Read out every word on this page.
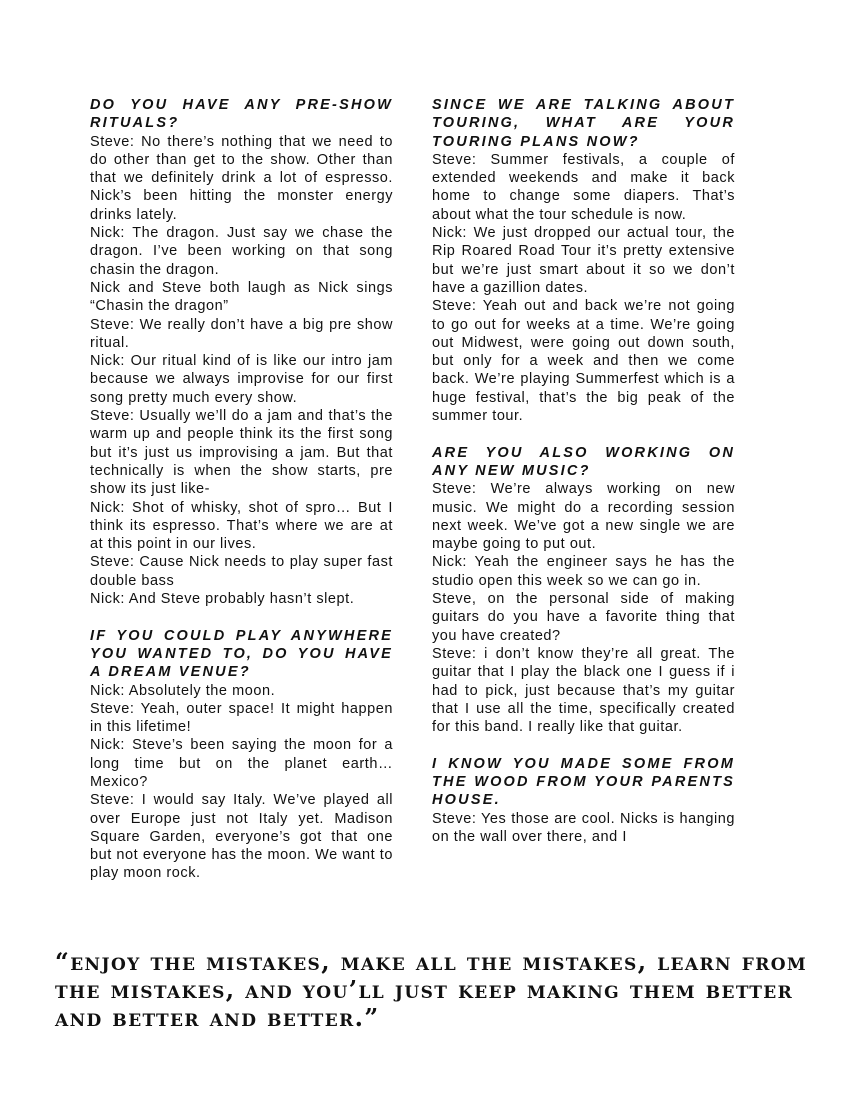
DO YOU HAVE ANY PRE-SHOW RITUALS?

Steve: No there’s nothing that we need to do other than get to the show. Other than that we definitely drink a lot of espresso. Nick’s been hitting the monster energy drinks lately.

Nick: The dragon. Just say we chase the dragon. I’ve been working on that song chasin the dragon.

Nick and Steve both laugh as Nick sings “Chasin the dragon”

Steve: We really don’t have a big pre show ritual.

Nick: Our ritual kind of is like our intro jam because we always improvise for our first song pretty much every show.

Steve: Usually we’ll do a jam and that’s the warm up and people think its the first song but it’s just us improvising a jam. But that technically is when the show starts, pre show its just like-

Nick: Shot of whisky, shot of spro… But I think its espresso. That’s where we are at at this point in our lives.

Steve: Cause Nick needs to play super fast double bass

Nick: And Steve probably hasn’t slept.

IF YOU COULD PLAY ANYWHERE YOU WANTED TO, DO YOU HAVE A DREAM VENUE?

Nick: Absolutely the moon.

Steve: Yeah, outer space! It might happen in this lifetime!

Nick: Steve’s been saying the moon for a long time but on the planet earth… Mexico?

Steve: I would say Italy. We’ve played all over Europe just not Italy yet. Madison Square Garden, everyone’s got that one but not everyone has the moon. We want to play moon rock.

SINCE WE ARE TALKING ABOUT TOURING, WHAT ARE YOUR TOURING PLANS NOW?

Steve: Summer festivals, a couple of extended weekends and make it back home to change some diapers. That’s about what the tour schedule is now.

Nick: We just dropped our actual tour, the Rip Roared Road Tour it’s pretty extensive but we’re just smart about it so we don’t have a gazillion dates.

Steve: Yeah out and back we’re not going to go out for weeks at a time. We’re going out Midwest, were going out down south, but only for a week and then we come back. We’re playing Summerfest which is a huge festival, that’s the big peak of the summer tour.

ARE YOU ALSO WORKING ON ANY NEW MUSIC?

Steve: We’re always working on new music. We might do a recording session next week. We’ve got a new single we are maybe going to put out.

Nick: Yeah the engineer says he has the studio open this week so we can go in.

Steve, on the personal side of making guitars do you have a favorite thing that you have created?

Steve: i don’t know they’re all great. The guitar that I play the black one I guess if i had to pick, just because that’s my guitar that I use all the time, specifically created for this band. I really like that guitar.

I KNOW YOU MADE SOME FROM THE WOOD FROM YOUR PARENTS HOUSE.

Steve: Yes those are cool. Nicks is hanging on the wall over there, and I

“enjoy the mistakes, make all the mistakes, learn from the mistakes, and you’ll just keep making them better and better and better.”
